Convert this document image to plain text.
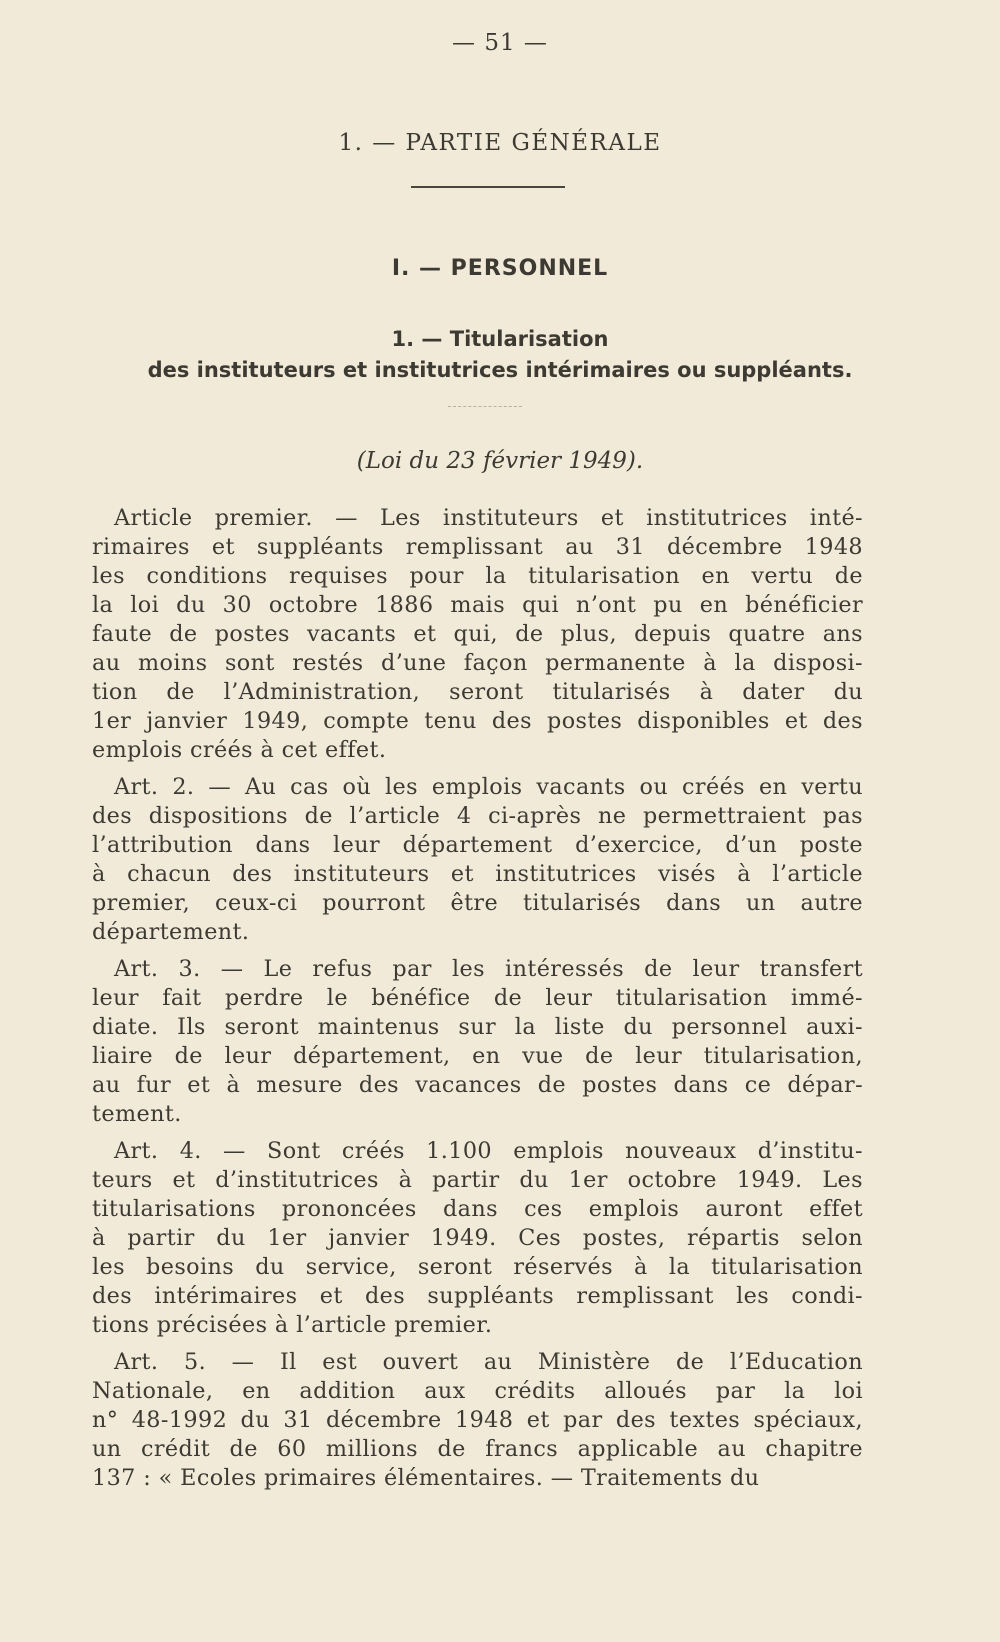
— 51 —
1. — PARTIE GÉNÉRALE
I. — PERSONNEL
1. — Titularisation
des instituteurs et institutrices intérimaires ou suppléants.
(Loi du 23 février 1949).
Article premier. — Les instituteurs et institutrices inté-
rimaires et suppléants remplissant au 31 décembre 1948
les conditions requises pour la titularisation en vertu de
la loi du 30 octobre 1886 mais qui n’ont pu en bénéficier
faute de postes vacants et qui, de plus, depuis quatre ans
au moins sont restés d’une façon permanente à la disposi-
tion de l’Administration, seront titularisés à dater du
1er janvier 1949, compte tenu des postes disponibles et des
emplois créés à cet effet.
Art. 2. — Au cas où les emplois vacants ou créés en vertu
des dispositions de l’article 4 ci-après ne permettraient pas
l’attribution dans leur département d’exercice, d’un poste
à chacun des instituteurs et institutrices visés à l’article
premier, ceux-ci pourront être titularisés dans un autre
département.
Art. 3. — Le refus par les intéressés de leur transfert
leur fait perdre le bénéfice de leur titularisation immé-
diate. Ils seront maintenus sur la liste du personnel auxi-
liaire de leur département, en vue de leur titularisation,
au fur et à mesure des vacances de postes dans ce dépar-
tement.
Art. 4. — Sont créés 1.100 emplois nouveaux d’institu-
teurs et d’institutrices à partir du 1er octobre 1949. Les
titularisations prononcées dans ces emplois auront effet
à partir du 1er janvier 1949. Ces postes, répartis selon
les besoins du service, seront réservés à la titularisation
des intérimaires et des suppléants remplissant les condi-
tions précisées à l’article premier.
Art. 5. — Il est ouvert au Ministère de l’Education
Nationale, en addition aux crédits alloués par la loi
n° 48-1992 du 31 décembre 1948 et par des textes spéciaux,
un crédit de 60 millions de francs applicable au chapitre
137 : « Ecoles primaires élémentaires. — Traitements du
